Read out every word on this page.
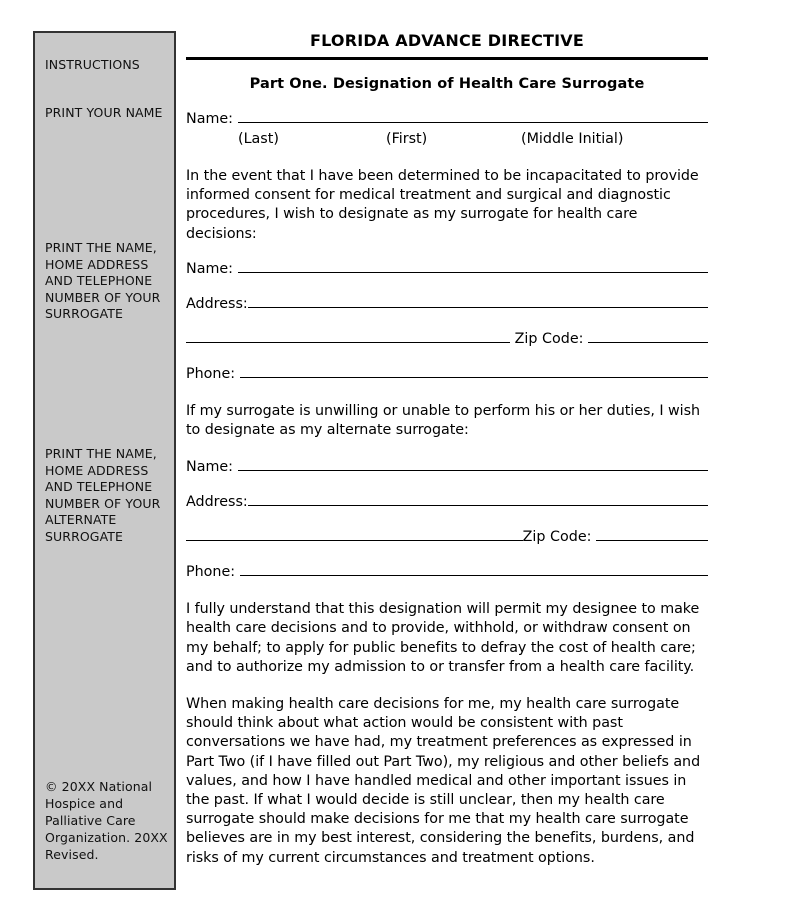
INSTRUCTIONS
PRINT YOUR NAME
PRINT THE NAME, HOME ADDRESS AND TELEPHONE NUMBER OF YOUR SURROGATE
PRINT THE NAME, HOME ADDRESS AND TELEPHONE NUMBER OF YOUR ALTERNATE SURROGATE
© 20XX National Hospice and Palliative Care Organization. 20XX Revised.
FLORIDA ADVANCE DIRECTIVE
Part One. Designation of Health Care Surrogate
Name:
(Last)	(First)	(Middle Initial)

In the event that I have been determined to be incapacitated to provide informed consent for medical treatment and surgical and diagnostic procedures, I wish to designate as my surrogate for health care decisions:

Name:
Address:
Zip Code:
Phone:

If my surrogate is unwilling or unable to perform his or her duties, I wish to designate as my alternate surrogate:

Name:
Address:
Zip Code:
Phone:

I fully understand that this designation will permit my designee to make health care decisions and to provide, withhold, or withdraw consent on my behalf; to apply for public benefits to defray the cost of health care; and to authorize my admission to or transfer from a health care facility.

When making health care decisions for me, my health care surrogate should think about what action would be consistent with past conversations we have had, my treatment preferences as expressed in Part Two (if I have filled out Part Two), my religious and other beliefs and values, and how I have handled medical and other important issues in the past. If what I would decide is still unclear, then my health care surrogate should make decisions for me that my health care surrogate believes are in my best interest, considering the benefits, burdens, and risks of my current circumstances and treatment options.
